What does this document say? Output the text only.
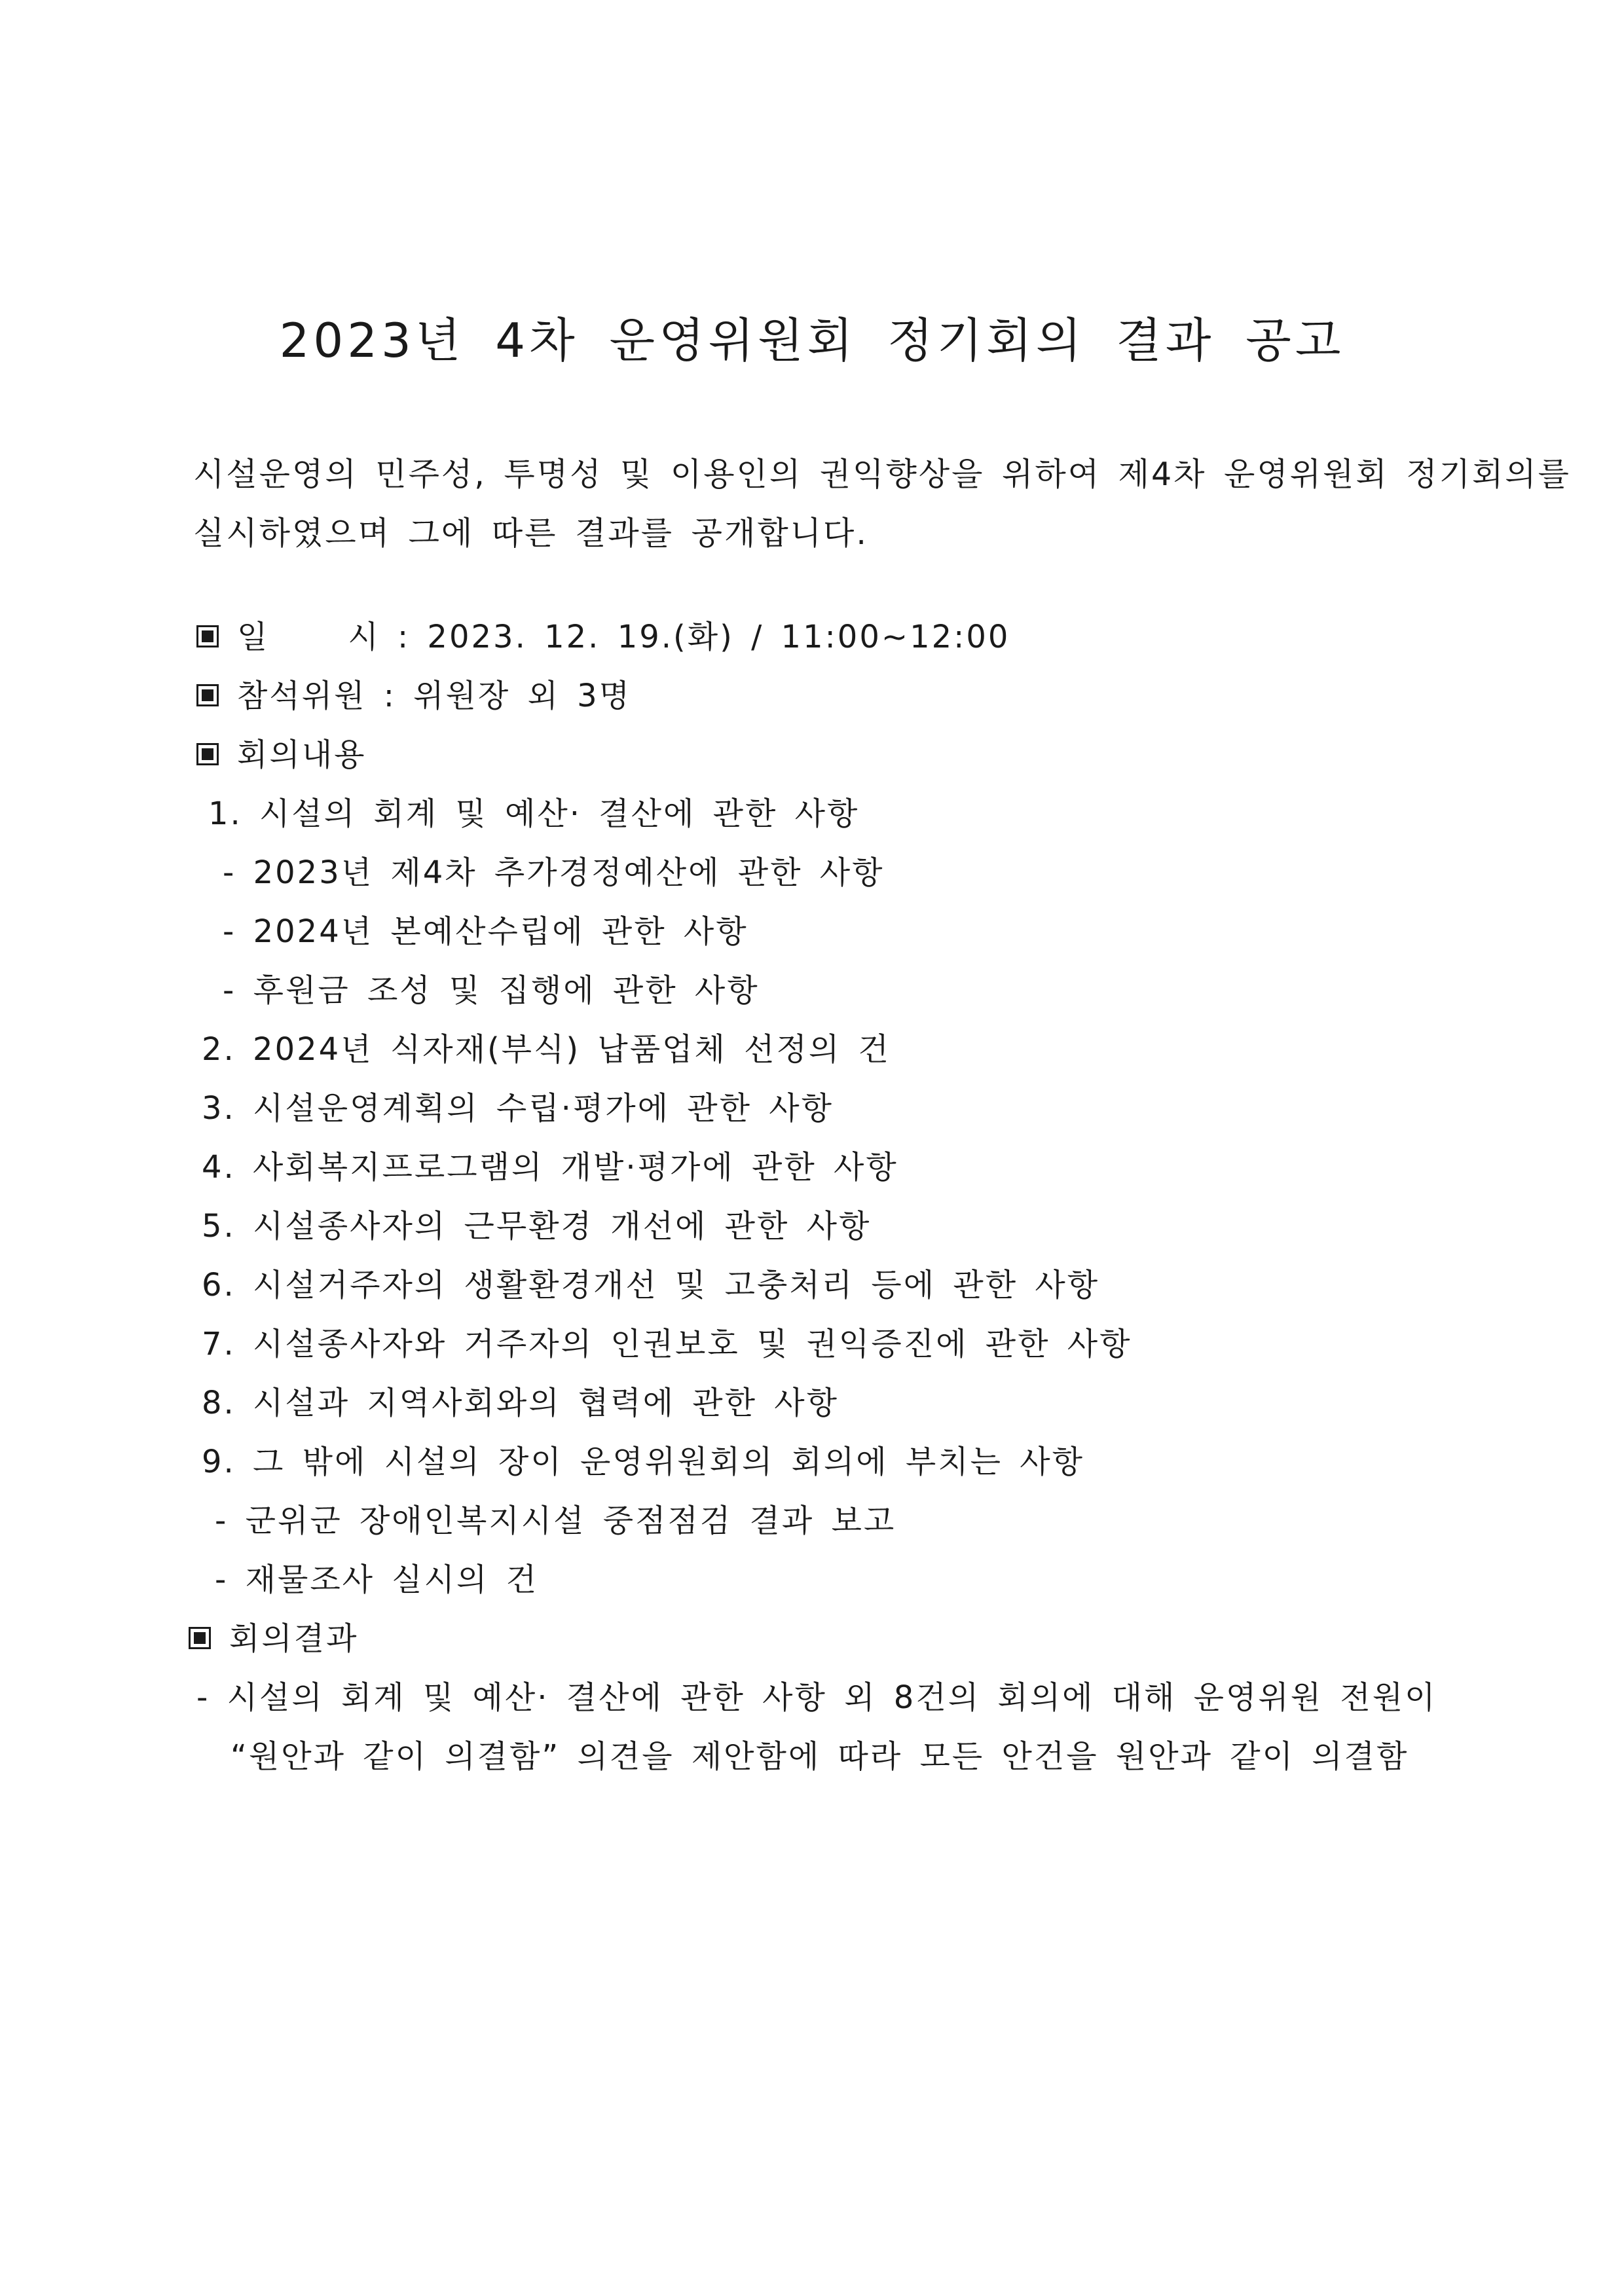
2023년 4차 운영위원회 정기회의 결과 공고
시설운영의 민주성, 투명성 및 이용인의 권익향상을 위하여 제4차 운영위원회 정기회의를
실시하였으며 그에 따른 결과를 공개합니다.
일	시 : 2023. 12. 19.(화) / 11:00~12:00
참석위원 : 위원장 외 3명
회의내용
1. 시설의 회계 및 예산· 결산에 관한 사항
- 2023년 제4차 추가경정예산에 관한 사항
- 2024년 본예산수립에 관한 사항
- 후원금 조성 및 집행에 관한 사항
2. 2024년 식자재(부식) 납품업체 선정의 건
3. 시설운영계획의 수립·평가에 관한 사항
4. 사회복지프로그램의 개발·평가에 관한 사항
5. 시설종사자의 근무환경 개선에 관한 사항
6. 시설거주자의 생활환경개선 및 고충처리 등에 관한 사항
7. 시설종사자와 거주자의 인권보호 및 권익증진에 관한 사항
8. 시설과 지역사회와의 협력에 관한 사항
9. 그 밖에 시설의 장이 운영위원회의 회의에 부치는 사항
- 군위군 장애인복지시설 중점점검 결과 보고
- 재물조사 실시의 건
회의결과
- 시설의 회계 및 예산· 결산에 관한 사항 외 8건의 회의에 대해 운영위원 전원이
“원안과 같이 의결함” 의견을 제안함에 따라 모든 안건을 원안과 같이 의결함
